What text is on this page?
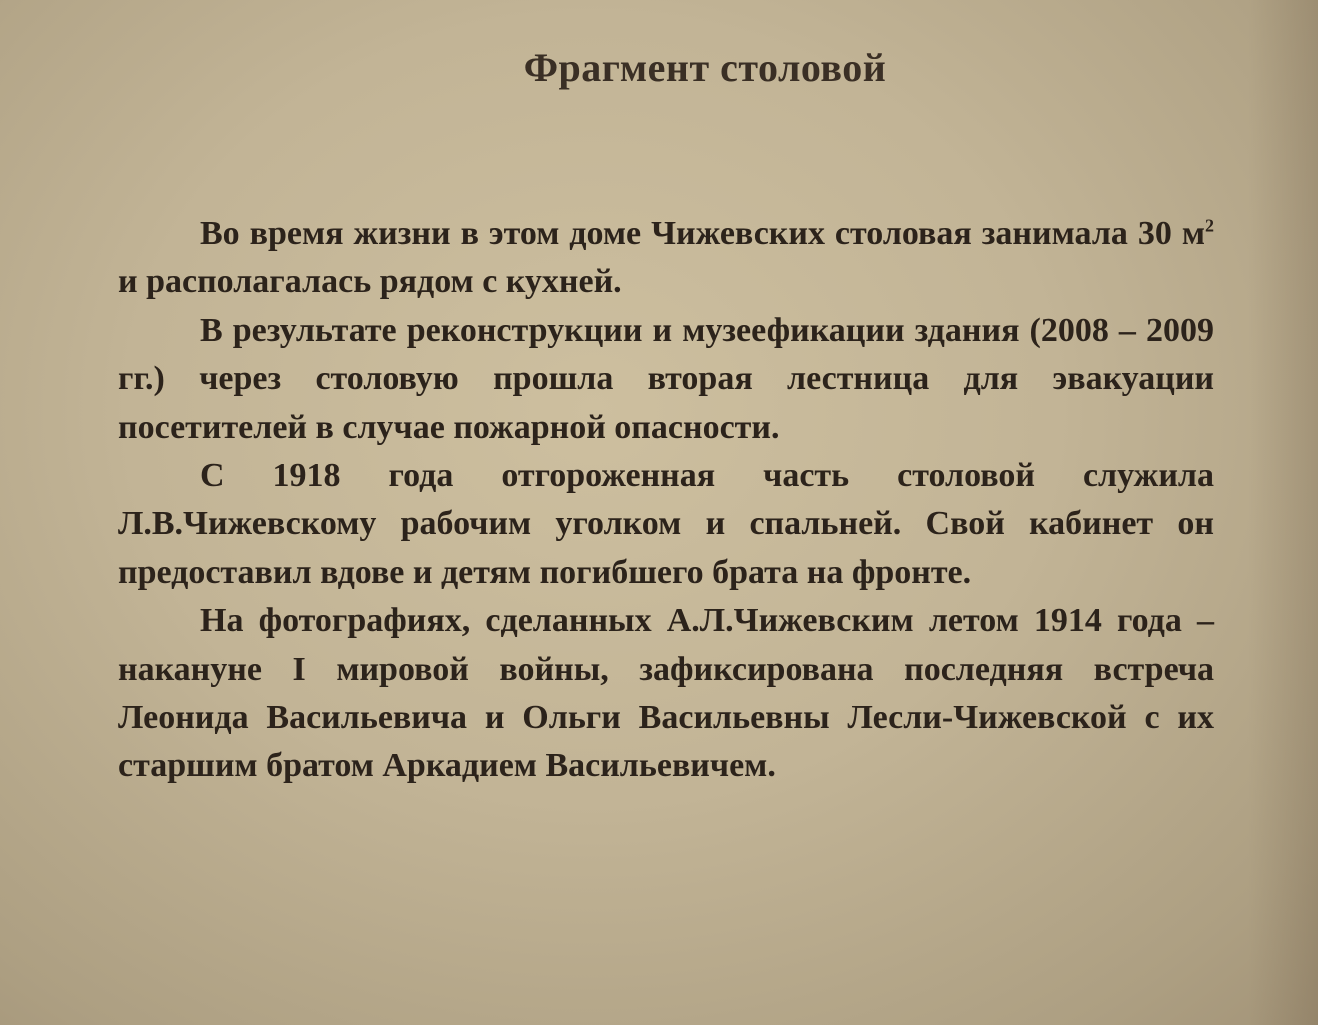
Фрагмент столовой

Во время жизни в этом доме Чижевских столовая занимала 30 $м^2$ и располагалась рядом с кухней.

В результате реконструкции и музеефикации здания (2008 – 2009 гг.) через столовую прошла вторая лестница для эвакуации посетителей в случае пожарной опасности.

С 1918 года отгороженная часть столовой служила Л.В.Чижевскому рабочим уголком и спальней. Свой кабинет он предоставил вдове и детям погибшего брата на фронте.

На фотографиях, сделанных А.Л.Чижевским летом 1914 года – накануне I мировой войны, зафиксирована последняя встреча Леонида Васильевича и Ольги Васильевны Лесли-Чижевской с их старшим братом Аркадием Васильевичем.
